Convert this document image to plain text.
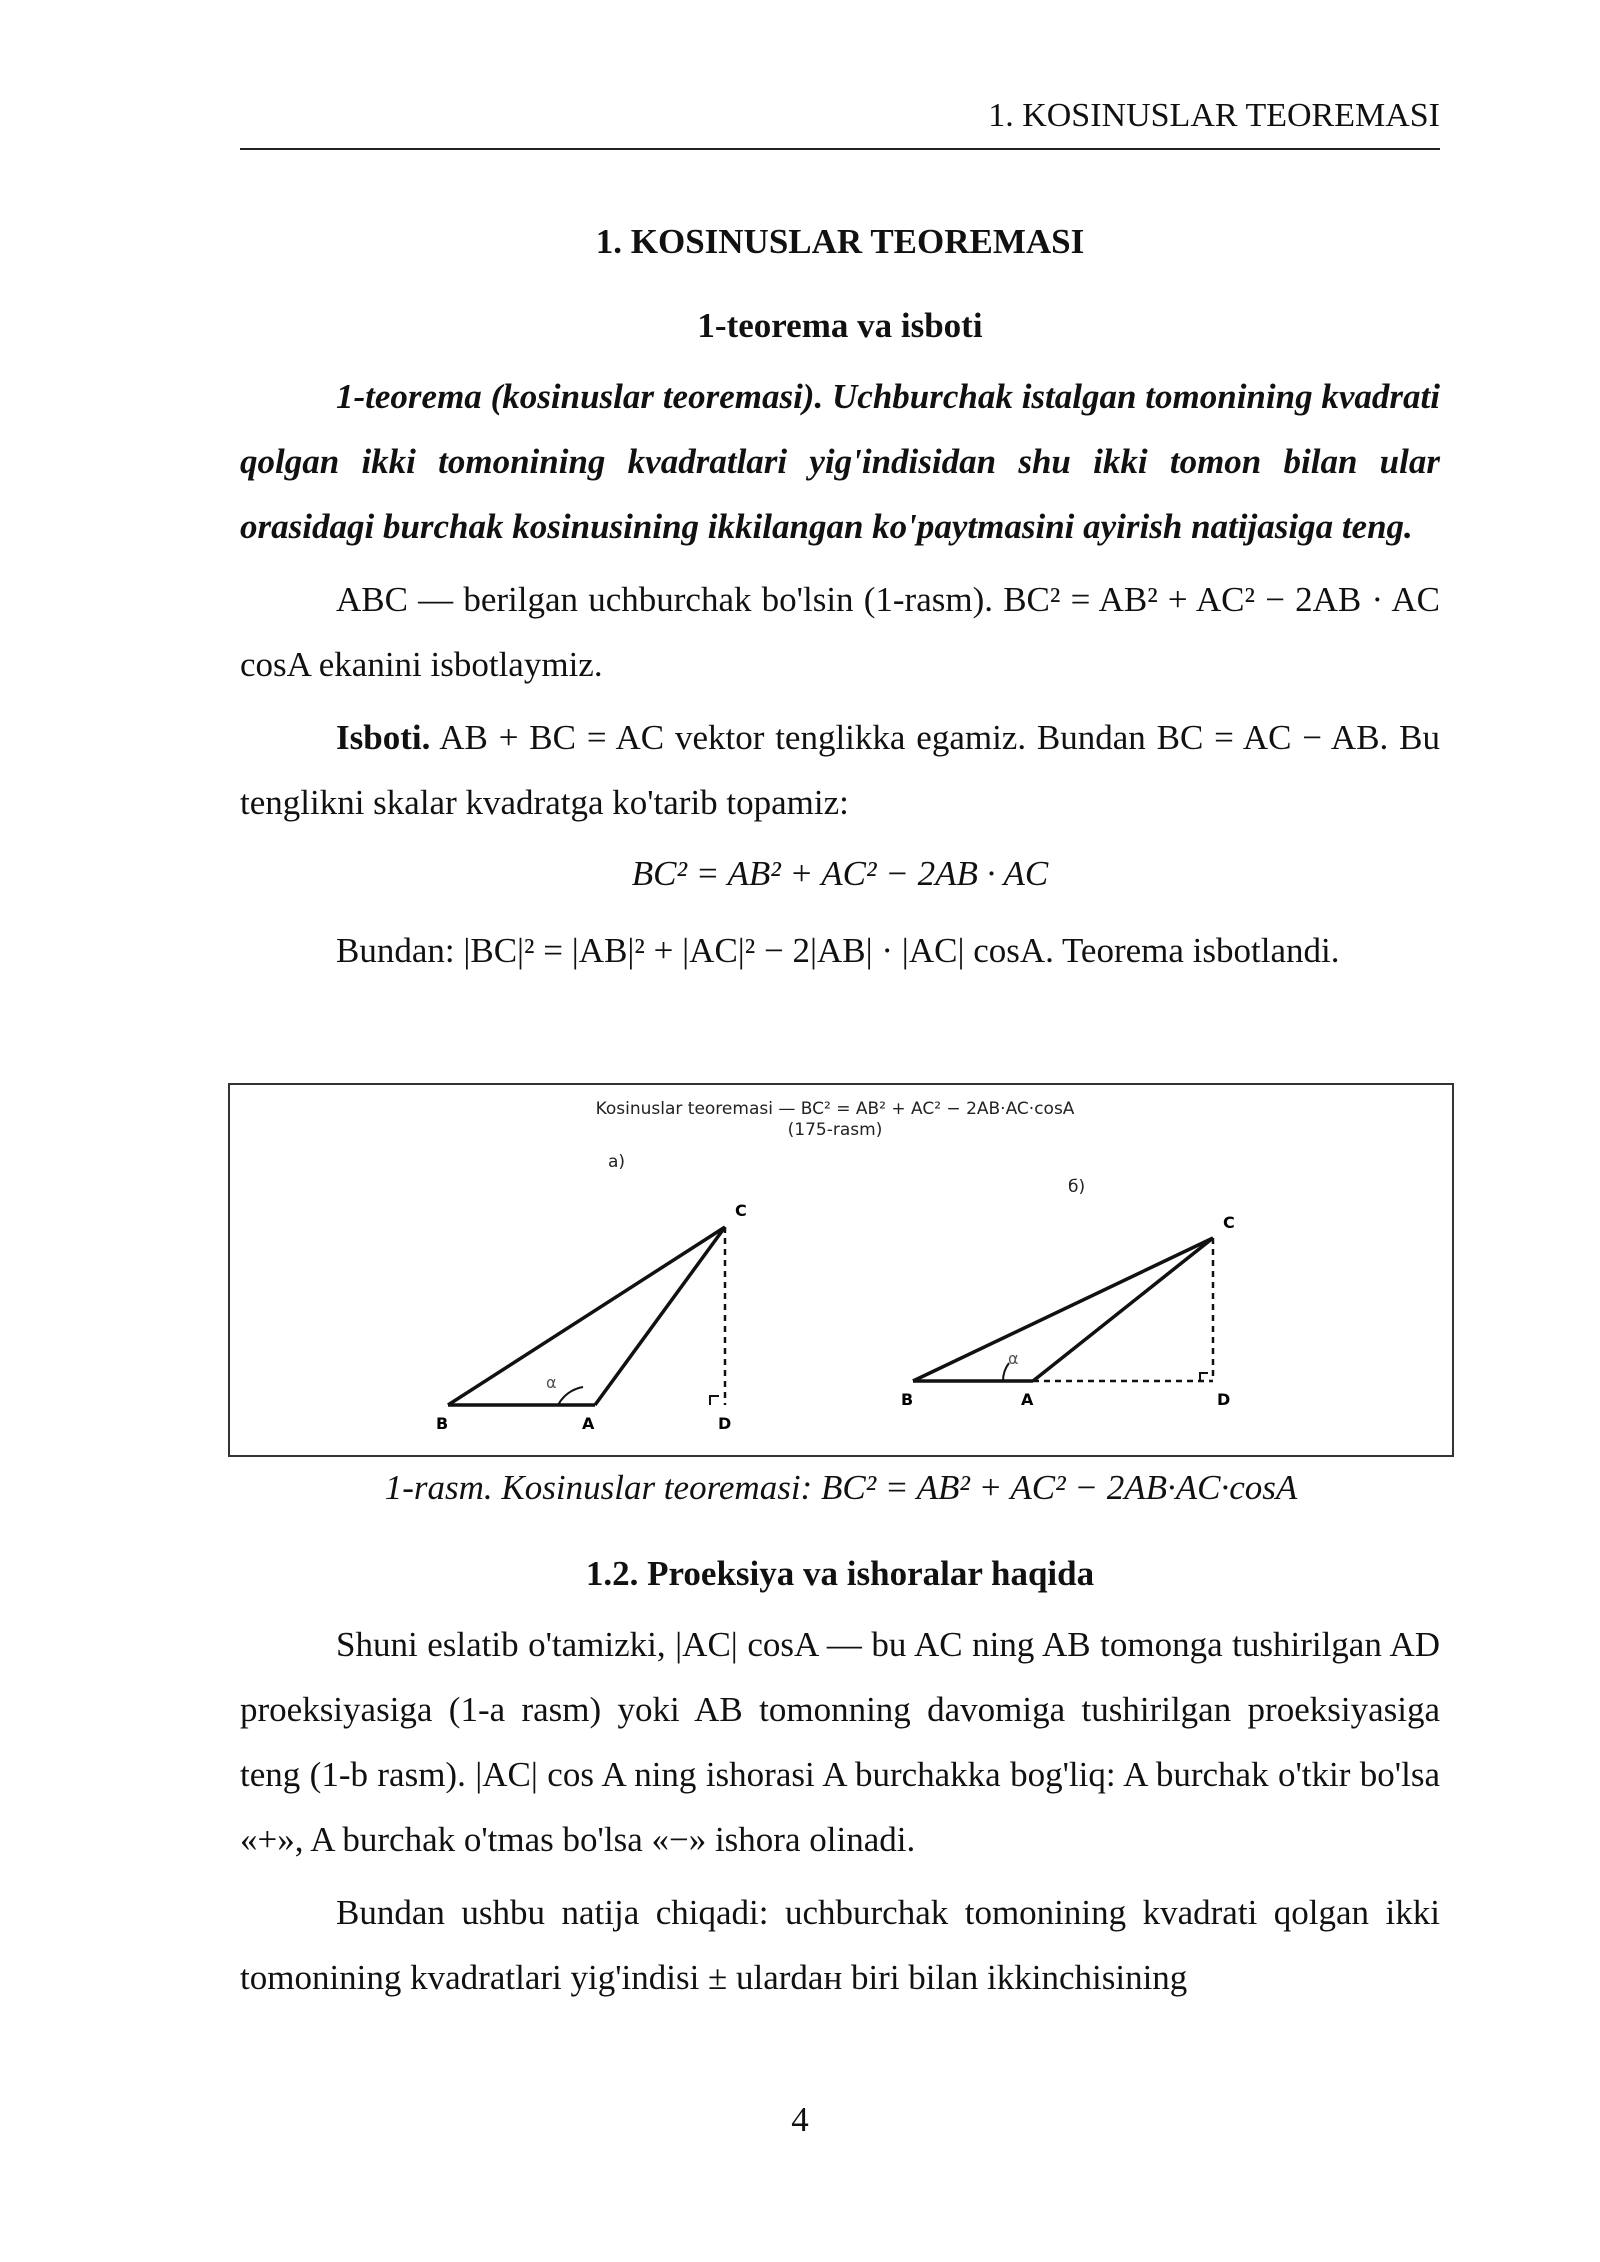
1. KOSINUSLAR TEOREMASI
1. KOSINUSLAR TEOREMASI
1-teorema va isboti

1-teorema (kosinuslar teoremasi). Uchburchak istalgan tomonining kvadrati qolgan ikki tomonining kvadratlari yig'indisidan shu ikki tomon bilan ular orasidagi burchak kosinusining ikkilangan ko'paytmasini ayirish natijasiga teng.

ABC — berilgan uchburchak bo'lsin (1-rasm). BC² = AB² + AC² − 2AB · AC cosA ekanini isbotlaymiz.

Isboti. AB + BC = AC vektor tenglikka egamiz. Bundan BC = AC − AB. Bu tenglikni skalar kvadratga ko'tarib topamiz:

BC² = AB² + AC² − 2AB · AC

Bundan: |BC|² = |AB|² + |AC|² − 2|AB| · |AC| cosA. Teorema isbotlandi.

Kosinuslar teoremasi — BC² = AB² + AC² − 2AB·AC·cosA
(175-rasm)
a)
α
B	A
C
D
б)
α
B	A
C
D
1-rasm. Kosinuslar teoremasi: BC² = AB² + AC² − 2AB·AC·cosA
1.2. Proeksiya va ishoralar haqida

Shuni eslatib o'tamizki, |AC| cosA — bu AC ning AB tomonga tushirilgan AD proeksiyasiga (1-a rasm) yoki AB tomonning davomiga tushirilgan proeksiyasiga teng (1-b rasm). |AC| cos A ning ishorasi A burchakka bog'liq: A burchak o'tkir bo'lsa «+», A burchak o'tmas bo'lsa «−» ishora olinadi.

Bundan ushbu natija chiqadi: uchburchak tomonining kvadrati qolgan ikki tomonining kvadratlari yig'indisi ± ulardaн biri bilan ikkinchisining

4
